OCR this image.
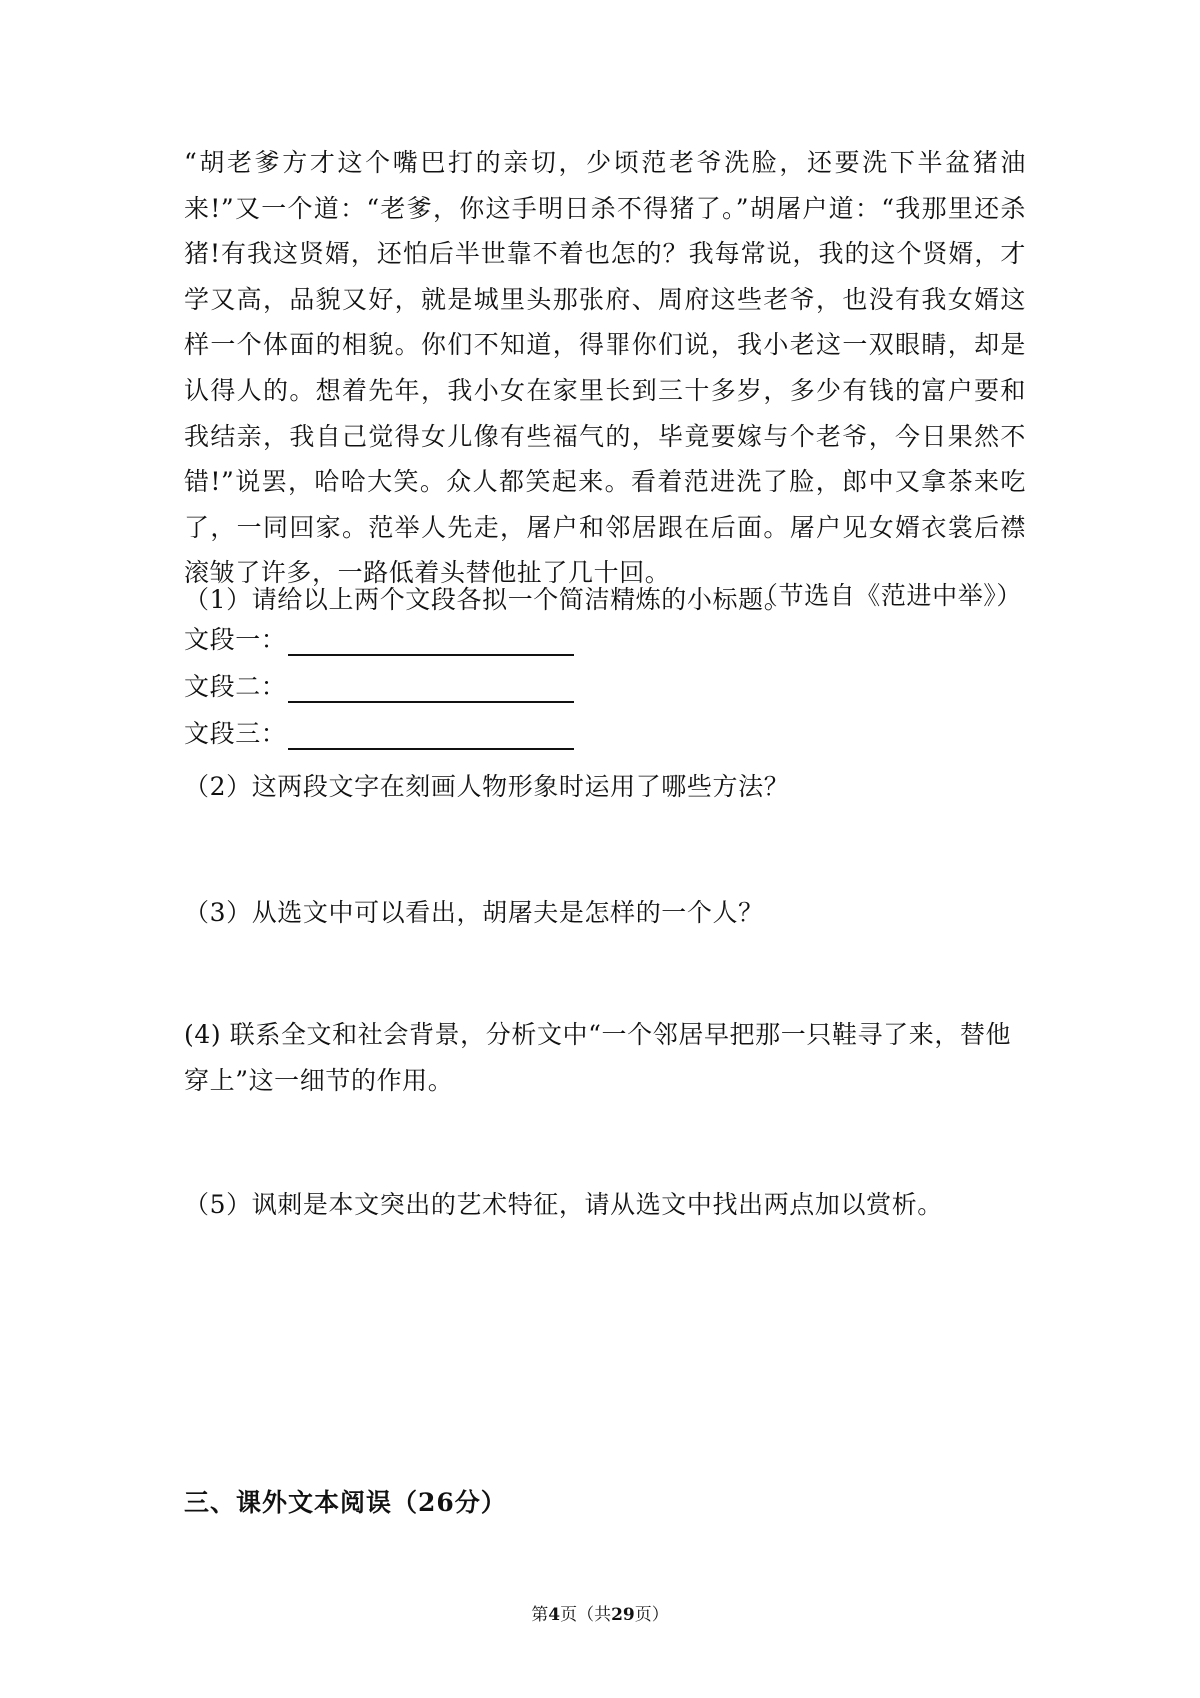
“胡老爹方才这个嘴巴打的亲切，少顷范老爷洗脸，还要洗下半盆猪油来!”又一个道：“老爹，你这手明日杀不得猪了。”胡屠户道：“我那里还杀猪!有我这贤婿，还怕后半世靠不着也怎的？我每常说，我的这个贤婿，才学又高，品貌又好，就是城里头那张府、周府这些老爷，也没有我女婿这样一个体面的相貌。你们不知道，得罪你们说，我小老这一双眼睛，却是认得人的。想着先年，我小女在家里长到三十多岁，多少有钱的富户要和我结亲，我自己觉得女儿像有些福气的，毕竟要嫁与个老爷，今日果然不错!”说罢，哈哈大笑。众人都笑起来。看着范进洗了脸，郎中又拿茶来吃了，一同回家。范举人先走，屠户和邻居跟在后面。屠户见女婿衣裳后襟滚皱了许多，一路低着头替他扯了几十回。

（节选自《范进中举》）

（1）请给以上两个文段各拟一个简洁精炼的小标题。

文段一：
文段二：
文段三：

（2）这两段文字在刻画人物形象时运用了哪些方法？

（3）从选文中可以看出，胡屠夫是怎样的一个人？

(4) 联系全文和社会背景，分析文中“一个邻居早把那一只鞋寻了来，替他穿上”这一细节的作用。

（5）讽刺是本文突出的艺术特征，请从选文中找出两点加以赏析。

三、课外文本阅误（26分）

第4页（共29页）
